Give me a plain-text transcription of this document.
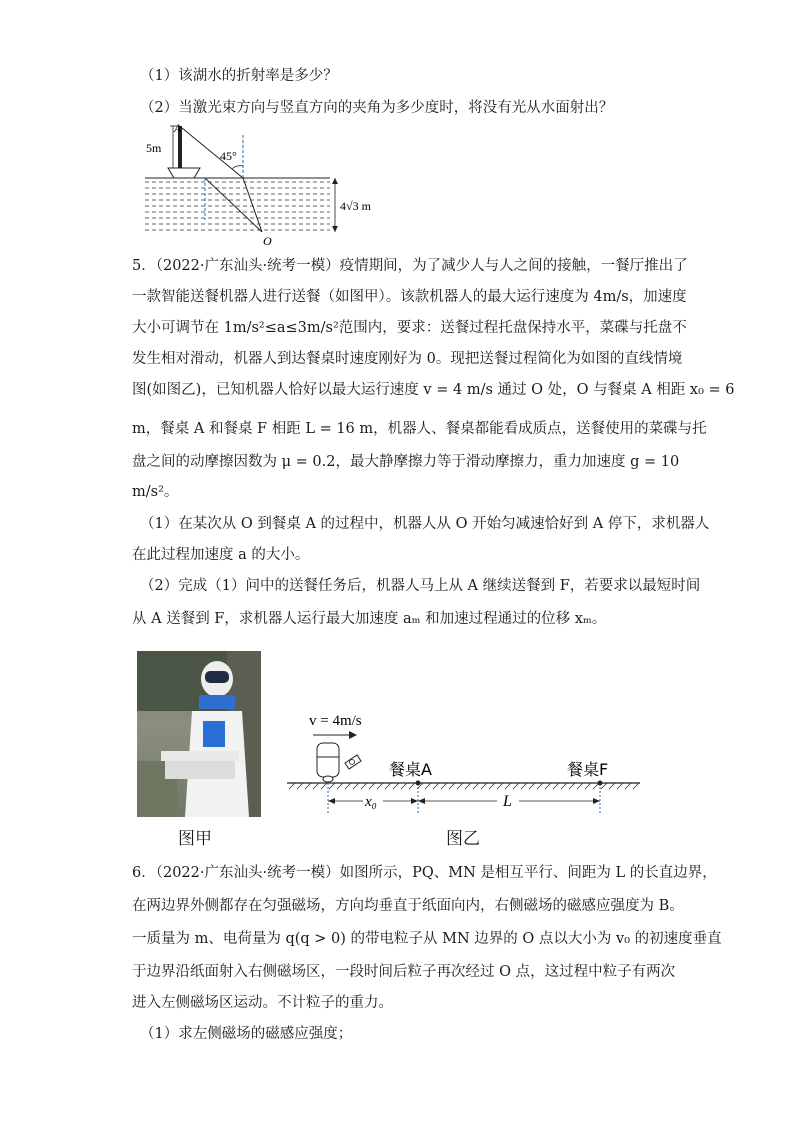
（1）该湖水的折射率是多少？
（2）当激光束方向与竖直方向的夹角为多少度时，将没有光从水面射出？
A
5m
45°
4√3 m
O
5．（2022·广东汕头·统考一模）疫情期间，为了减少人与人之间的接触，一餐厅推出了
一款智能送餐机器人进行送餐（如图甲）。该款机器人的最大运行速度为 4m/s，加速度
大小可调节在 1m/s²≤a≤3m/s²范围内，要求：送餐过程托盘保持水平，菜碟与托盘不
发生相对滑动，机器人到达餐桌时速度刚好为 0。现把送餐过程简化为如图的直线情境
图(如图乙)，已知机器人恰好以最大运行速度 v = 4 m/s 通过 O 处，O 与餐桌 A 相距 x₀ = 6
m，餐桌 A 和餐桌 F 相距 L = 16 m，机器人、餐桌都能看成质点，送餐使用的菜碟与托
盘之间的动摩擦因数为 μ = 0.2，最大静摩擦力等于滑动摩擦力，重力加速度 g = 10
m/s²。
（1）在某次从 O 到餐桌 A 的过程中，机器人从 O 开始匀减速恰好到 A 停下，求机器人
在此过程加速度 a 的大小。
（2）完成（1）问中的送餐任务后，机器人马上从 A 继续送餐到 F，若要求以最短时间
从 A 送餐到 F，求机器人运行最大加速度 aₘ 和加速过程通过的位移 xₘ。
v = 4m/s
餐桌A	餐桌F
x₀	L
图甲	图乙
6．（2022·广东汕头·统考一模）如图所示，PQ、MN 是相互平行、间距为 L 的长直边界，
在两边界外侧都存在匀强磁场，方向均垂直于纸面向内，右侧磁场的磁感应强度为 B。
一质量为 m、电荷量为 q(q > 0) 的带电粒子从 MN 边界的 O 点以大小为 v₀ 的初速度垂直
于边界沿纸面射入右侧磁场区，一段时间后粒子再次经过 O 点，这过程中粒子有两次
进入左侧磁场区运动。不计粒子的重力。
（1）求左侧磁场的磁感应强度；
